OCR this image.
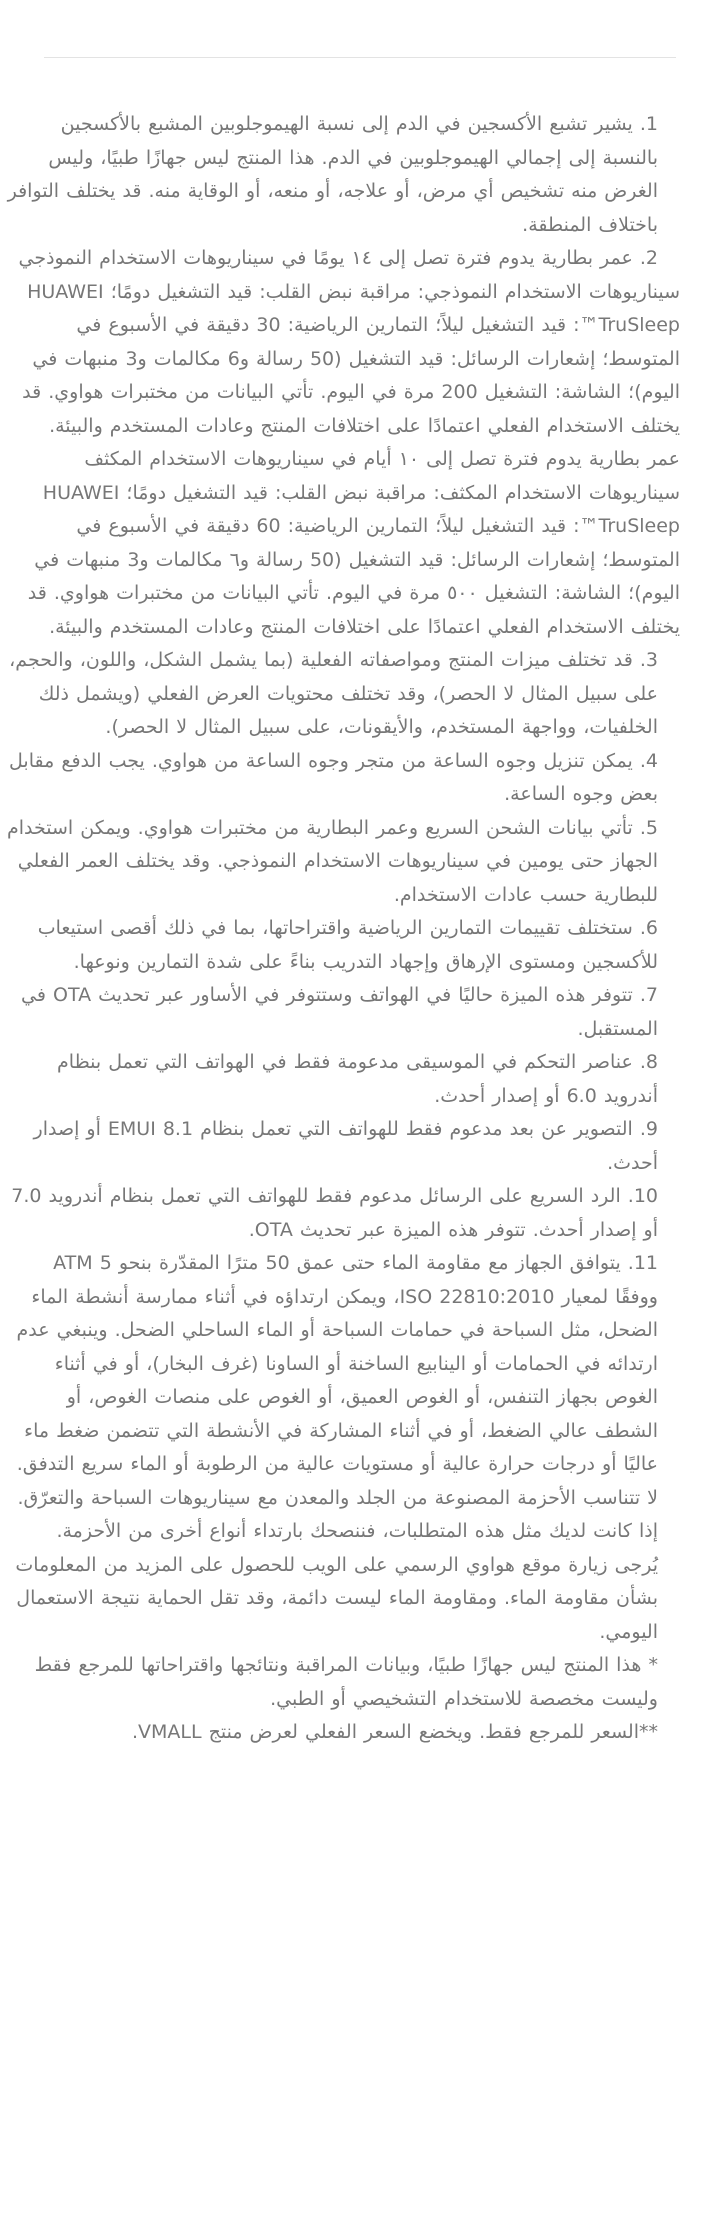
1. يشير تشبع الأكسجين في الدم إلى نسبة الهيموجلوبين المشبع بالأكسجين بالنسبة إلى إجمالي الهيموجلوبين في الدم. هذا المنتج ليس جهازًا طبيًا، وليس الغرض منه تشخيص أي مرض، أو علاجه، أو منعه، أو الوقاية منه. قد يختلف التوافر باختلاف المنطقة.

2. عمر بطارية يدوم فترة تصل إلى ١٤ يومًا في سيناريوهات الاستخدام النموذجي

سيناريوهات الاستخدام النموذجي: مراقبة نبض القلب: قيد التشغيل دومًا؛ HUAWEI TruSleep™: قيد التشغيل ليلاً؛ التمارين الرياضية: 30 دقيقة في الأسبوع في المتوسط؛ إشعارات الرسائل: قيد التشغيل (50 رسالة و6 مكالمات و3 منبهات في اليوم)؛ الشاشة: التشغيل 200 مرة في اليوم. تأتي البيانات من مختبرات هواوي. قد يختلف الاستخدام الفعلي اعتمادًا على اختلافات المنتج وعادات المستخدم والبيئة.

عمر بطارية يدوم فترة تصل إلى ١٠ أيام في سيناريوهات الاستخدام المكثف سيناريوهات الاستخدام المكثف: مراقبة نبض القلب: قيد التشغيل دومًا؛ HUAWEI TruSleep™: قيد التشغيل ليلاً؛ التمارين الرياضية: 60 دقيقة في الأسبوع في المتوسط؛ إشعارات الرسائل: قيد التشغيل (50 رسالة و٦ مكالمات و3 منبهات في اليوم)؛ الشاشة: التشغيل ٥٠٠ مرة في اليوم. تأتي البيانات من مختبرات هواوي. قد يختلف الاستخدام الفعلي اعتمادًا على اختلافات المنتج وعادات المستخدم والبيئة.

3. قد تختلف ميزات المنتج ومواصفاته الفعلية (بما يشمل الشكل، واللون، والحجم، على سبيل المثال لا الحصر)، وقد تختلف محتويات العرض الفعلي (ويشمل ذلك الخلفيات، وواجهة المستخدم، والأيقونات، على سبيل المثال لا الحصر).

4. يمكن تنزيل وجوه الساعة من متجر وجوه الساعة من هواوي. يجب الدفع مقابل بعض وجوه الساعة.

5. تأتي بيانات الشحن السريع وعمر البطارية من مختبرات هواوي. ويمكن استخدام الجهاز حتى يومين في سيناريوهات الاستخدام النموذجي. وقد يختلف العمر الفعلي للبطارية حسب عادات الاستخدام.

6. ستختلف تقييمات التمارين الرياضية واقتراحاتها، بما في ذلك أقصى استيعاب للأكسجين ومستوى الإرهاق وإجهاد التدريب بناءً على شدة التمارين ونوعها.

7. تتوفر هذه الميزة حاليًا في الهواتف وستتوفر في الأساور عبر تحديث OTA في المستقبل.

8. عناصر التحكم في الموسيقى مدعومة فقط في الهواتف التي تعمل بنظام أندرويد 6.0 أو إصدار أحدث.

9. التصوير عن بعد مدعوم فقط للهواتف التي تعمل بنظام EMUI 8.1 أو إصدار أحدث.

10. الرد السريع على الرسائل مدعوم فقط للهواتف التي تعمل بنظام أندرويد 7.0 أو إصدار أحدث. تتوفر هذه الميزة عبر تحديث OTA.

11. يتوافق الجهاز مع مقاومة الماء حتى عمق 50 مترًا المقدّرة بنحو 5 ATM ووفقًا لمعيار ISO 22810:2010، ويمكن ارتداؤه في أثناء ممارسة أنشطة الماء الضحل، مثل السباحة في حمامات السباحة أو الماء الساحلي الضحل. وينبغي عدم ارتدائه في الحمامات أو الينابيع الساخنة أو الساونا (غرف البخار)، أو في أثناء الغوص بجهاز التنفس، أو الغوص العميق، أو الغوص على منصات الغوص، أو الشطف عالي الضغط، أو في أثناء المشاركة في الأنشطة التي تتضمن ضغط ماء عاليًا أو درجات حرارة عالية أو مستويات عالية من الرطوبة أو الماء سريع التدفق. لا تتناسب الأحزمة المصنوعة من الجلد والمعدن مع سيناريوهات السباحة والتعرّق. إذا كانت لديك مثل هذه المتطلبات، فننصحك بارتداء أنواع أخرى من الأحزمة.

يُرجى زيارة موقع هواوي الرسمي على الويب للحصول على المزيد من المعلومات بشأن مقاومة الماء. ومقاومة الماء ليست دائمة، وقد تقل الحماية نتيجة الاستعمال اليومي.

* هذا المنتج ليس جهازًا طبيًا، وبيانات المراقبة ونتائجها واقتراحاتها للمرجع فقط وليست مخصصة للاستخدام التشخيصي أو الطبي.

**السعر للمرجع فقط. ويخضع السعر الفعلي لعرض منتج VMALL.
